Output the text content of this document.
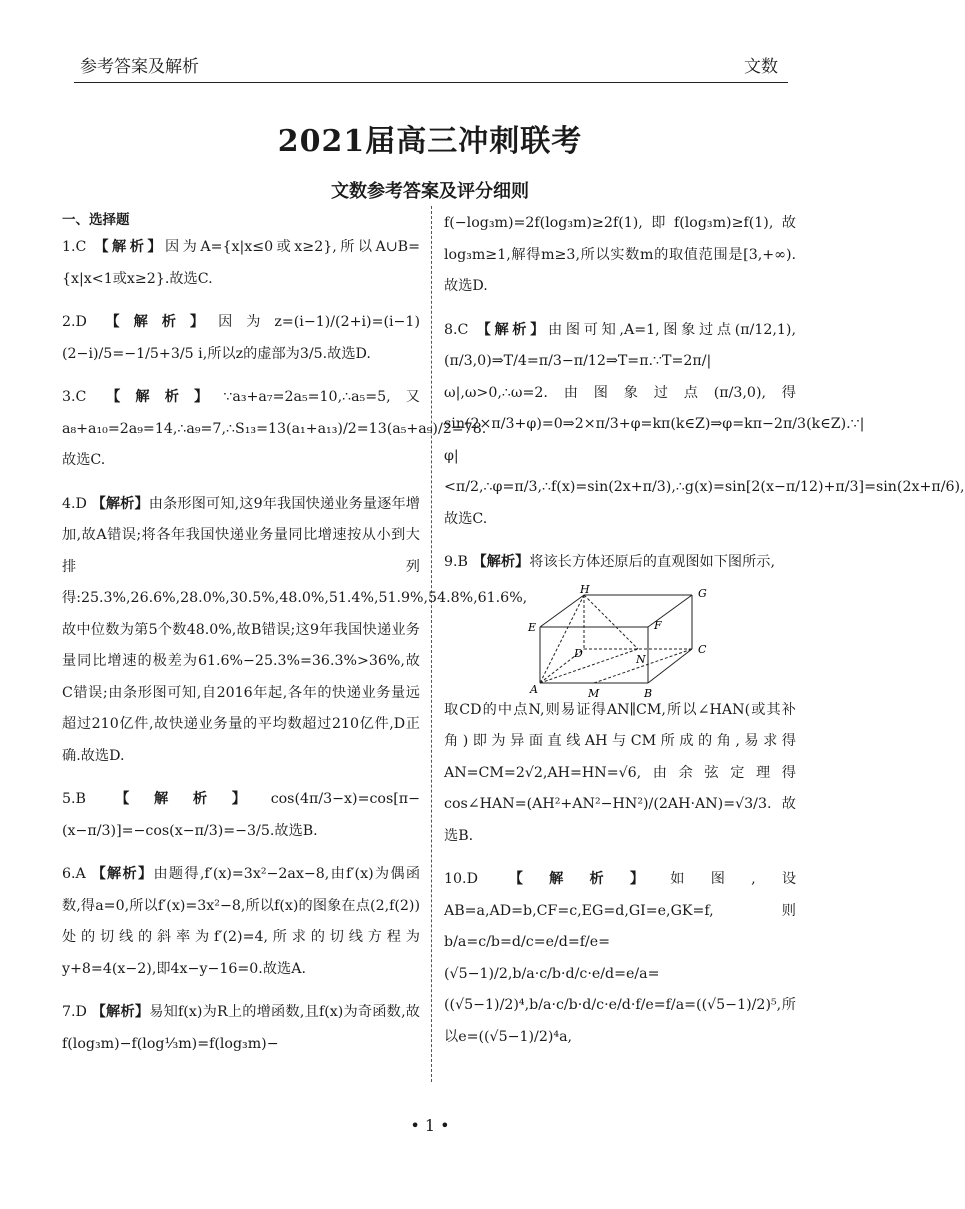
参考答案及解析	文数
2021届高三冲刺联考
文数参考答案及评分细则
一、选择题

1.C 【解析】因为A={x|x≤0或x≥2},所以A∪B={x|x<1或x≥2}.故选C.

2.D 【解析】因为z=(i−1)/(2+i)=(i−1)(2−i)/5=−1/5+3/5 i,所以z的虚部为3/5.故选D.

3.C 【解析】∵a₃+a₇=2a₅=10,∴a₅=5,又a₈+a₁₀=2a₉=14,∴a₉=7,∴S₁₃=13(a₁+a₁₃)/2=13(a₅+a₉)/2=78.故选C.

4.D 【解析】由条形图可知,这9年我国快递业务量逐年增加,故A错误;将各年我国快递业务量同比增速按从小到大排列得:25.3%,26.6%,28.0%,30.5%,48.0%,51.4%,51.9%,54.8%,61.6%,故中位数为第5个数48.0%,故B错误;这9年我国快递业务量同比增速的极差为61.6%−25.3%=36.3%>36%,故C错误;由条形图可知,自2016年起,各年的快递业务量远超过210亿件,故快递业务量的平均数超过210亿件,D正确.故选D.

5.B 【解析】cos(4π/3−x)=cos[π−(x−π/3)]=−cos(x−π/3)=−3/5.故选B.

6.A 【解析】由题得,f′(x)=3x²−2ax−8,由f′(x)为偶函数,得a=0,所以f′(x)=3x²−8,所以f(x)的图象在点(2,f(2))处的切线的斜率为f′(2)=4,所求的切线方程为y+8=4(x−2),即4x−y−16=0.故选A.

7.D 【解析】易知f(x)为R上的增函数,且f(x)为奇函数,故f(log₃m)−f(log⅓m)=f(log₃m)−

f(−log₃m)=2f(log₃m)≥2f(1),即f(log₃m)≥f(1),故log₃m≥1,解得m≥3,所以实数m的取值范围是[3,+∞).故选D.

8.C 【解析】由图可知,A=1,图象过点(π/12,1),(π/3,0)⇒T/4=π/3−π/12⇒T=π.∵T=2π/|ω|,ω>0,∴ω=2.由图象过点(π/3,0),得sin(2×π/3+φ)=0⇒2×π/3+φ=kπ(k∈Z)⇒φ=kπ−2π/3(k∈Z).∵|φ|<π/2,∴φ=π/3,∴f(x)=sin(2x+π/3),∴g(x)=sin[2(x−π/12)+π/3]=sin(2x+π/6),故选C.

9.B 【解析】将该长方体还原后的直观图如下图所示,

H	G
E	F
D	N
C
A	M	B

取CD的中点N,则易证得AN∥CM,所以∠HAN(或其补角)即为异面直线AH与CM所成的角,易求得AN=CM=2√2,AH=HN=√6,由余弦定理得cos∠HAN=(AH²+AN²−HN²)/(2AH·AN)=√3/3.故选B.

10.D 【解析】如图,设AB=a,AD=b,CF=c,EG=d,GI=e,GK=f,则b/a=c/b=d/c=e/d=f/e=(√5−1)/2,b/a·c/b·d/c·e/d=e/a=((√5−1)/2)⁴,b/a·c/b·d/c·e/d·f/e=f/a=((√5−1)/2)⁵,所以e=((√5−1)/2)⁴a,

• 1 •
